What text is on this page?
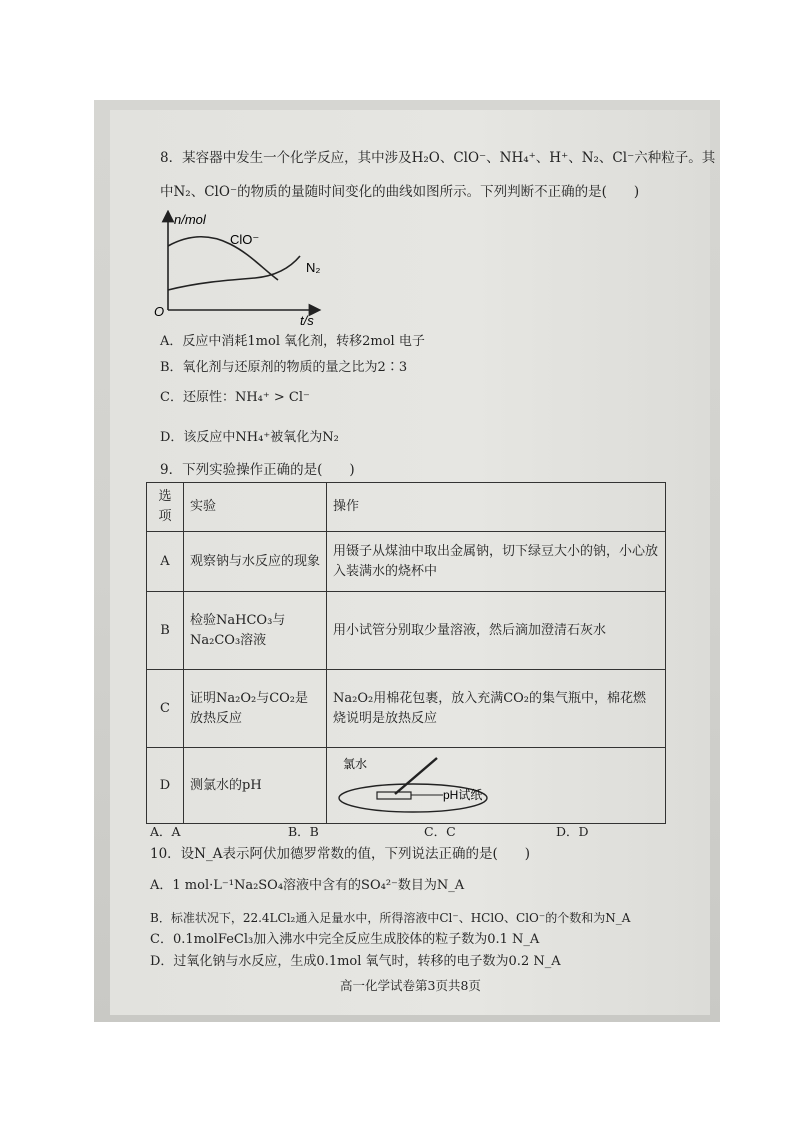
8．某容器中发生一个化学反应，其中涉及H₂O、ClO⁻、NH₄⁺、H⁺、N₂、Cl⁻六种粒子。其
中N₂、ClO⁻的物质的量随时间变化的曲线如图所示。下列判断不正确的是(　　)
n/mol
t/s
O
ClO⁻
N₂
A．反应中消耗1mol 氧化剂，转移2mol 电子
B．氧化剂与还原剂的物质的量之比为2∶3
C．还原性：NH₄⁺ > Cl⁻
D．该反应中NH₄⁺被氧化为N₂
9．下列实验操作正确的是(　　)
选项	实验	操作
A	观察钠与水反应的现象	用镊子从煤油中取出金属钠，切下绿豆大小的钠，小心放入装满水的烧杯中
B	检验NaHCO₃与Na₂CO₃溶液	用小试管分别取少量溶液，然后滴加澄清石灰水
C	证明Na₂O₂与CO₂是放热反应	Na₂O₂用棉花包裹，放入充满CO₂的集气瓶中，棉花燃烧说明是放热反应
D	测氯水的pH	氯水
pH试纸
A．A	B．B	C．C	D．D
10．设N_A表示阿伏加德罗常数的值，下列说法正确的是(　　)
A．1 mol·L⁻¹Na₂SO₄溶液中含有的SO₄²⁻数目为N_A
B．标准状况下，22.4LCl₂通入足量水中，所得溶液中Cl⁻、HClO、ClO⁻的个数和为N_A
C．0.1molFeCl₃加入沸水中完全反应生成胶体的粒子数为0.1 N_A
D．过氧化钠与水反应，生成0.1mol 氧气时，转移的电子数为0.2 N_A
高一化学试卷第3页共8页
